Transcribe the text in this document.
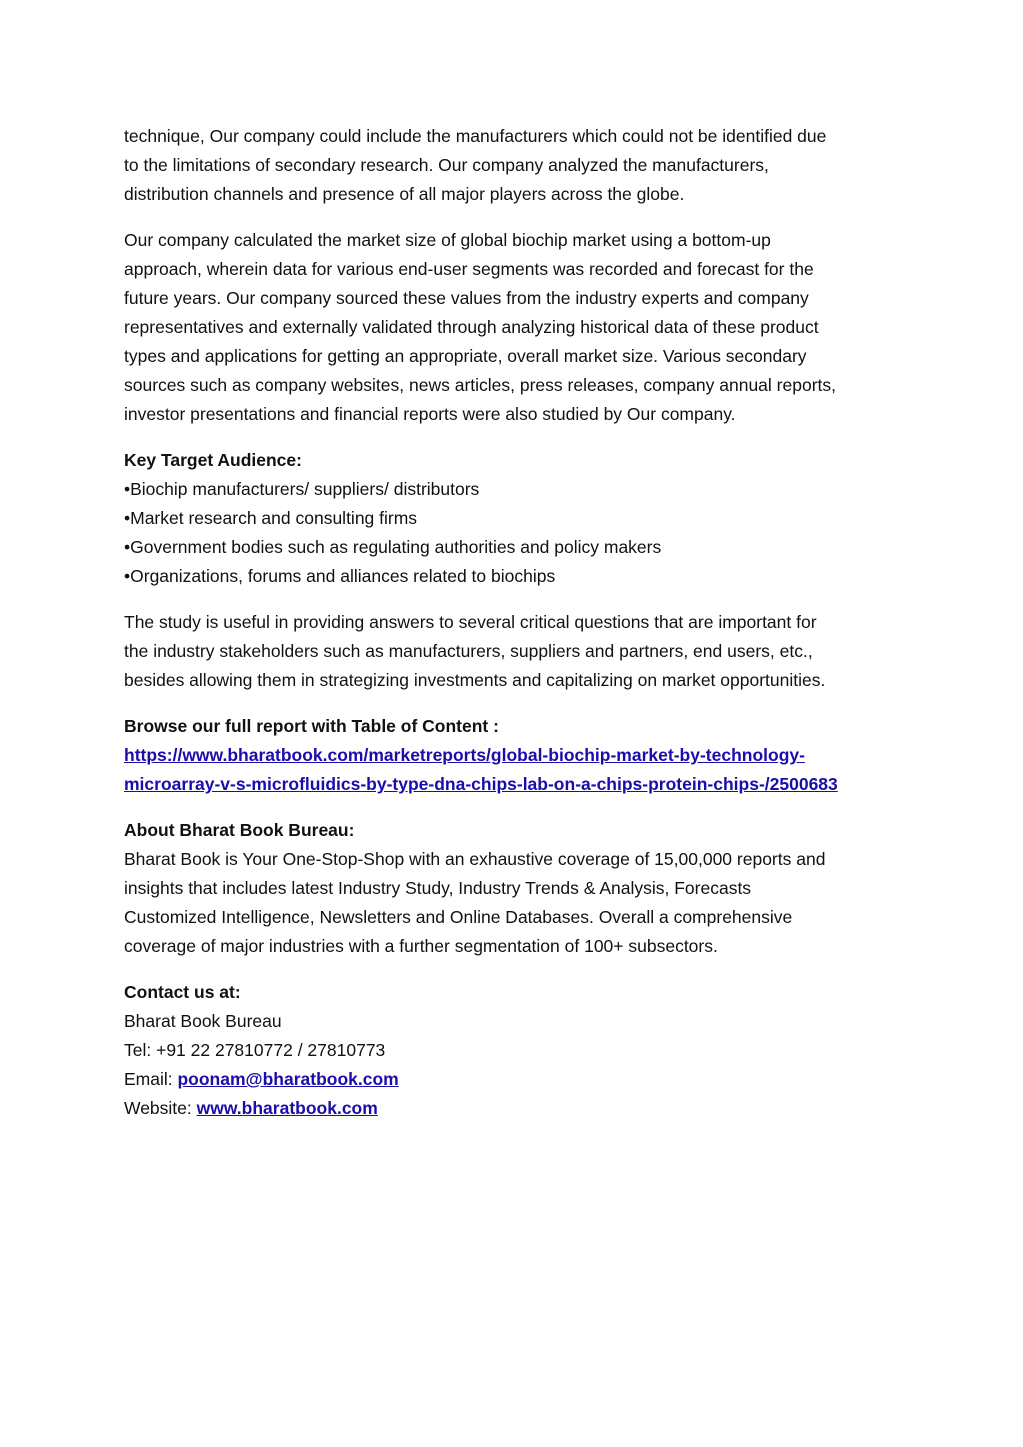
technique, Our company could include the manufacturers which could not be identified due
to the limitations of secondary research. Our company analyzed the manufacturers,
distribution channels and presence of all major players across the globe.

Our company calculated the market size of global biochip market using a bottom-up
approach, wherein data for various end-user segments was recorded and forecast for the
future years. Our company sourced these values from the industry experts and company
representatives and externally validated through analyzing historical data of these product
types and applications for getting an appropriate, overall market size. Various secondary
sources such as company websites, news articles, press releases, company annual reports,
investor presentations and financial reports were also studied by Our company.

Key Target Audience:
•Biochip manufacturers/ suppliers/ distributors
•Market research and consulting firms
•Government bodies such as regulating authorities and policy makers
•Organizations, forums and alliances related to biochips

The study is useful in providing answers to several critical questions that are important for
the industry stakeholders such as manufacturers, suppliers and partners, end users, etc.,
besides allowing them in strategizing investments and capitalizing on market opportunities.

Browse our full report with Table of Content :
https://www.bharatbook.com/marketreports/global-biochip-market-by-technology-
microarray-v-s-microfluidics-by-type-dna-chips-lab-on-a-chips-protein-chips-/2500683

About Bharat Book Bureau:
Bharat Book is Your One-Stop-Shop with an exhaustive coverage of 15,00,000 reports and
insights that includes latest Industry Study, Industry Trends & Analysis, Forecasts
Customized Intelligence, Newsletters and Online Databases. Overall a comprehensive
coverage of major industries with a further segmentation of 100+ subsectors.

Contact us at:
Bharat Book Bureau
Tel: +91 22 27810772 / 27810773
Email: poonam@bharatbook.com
Website: www.bharatbook.com
